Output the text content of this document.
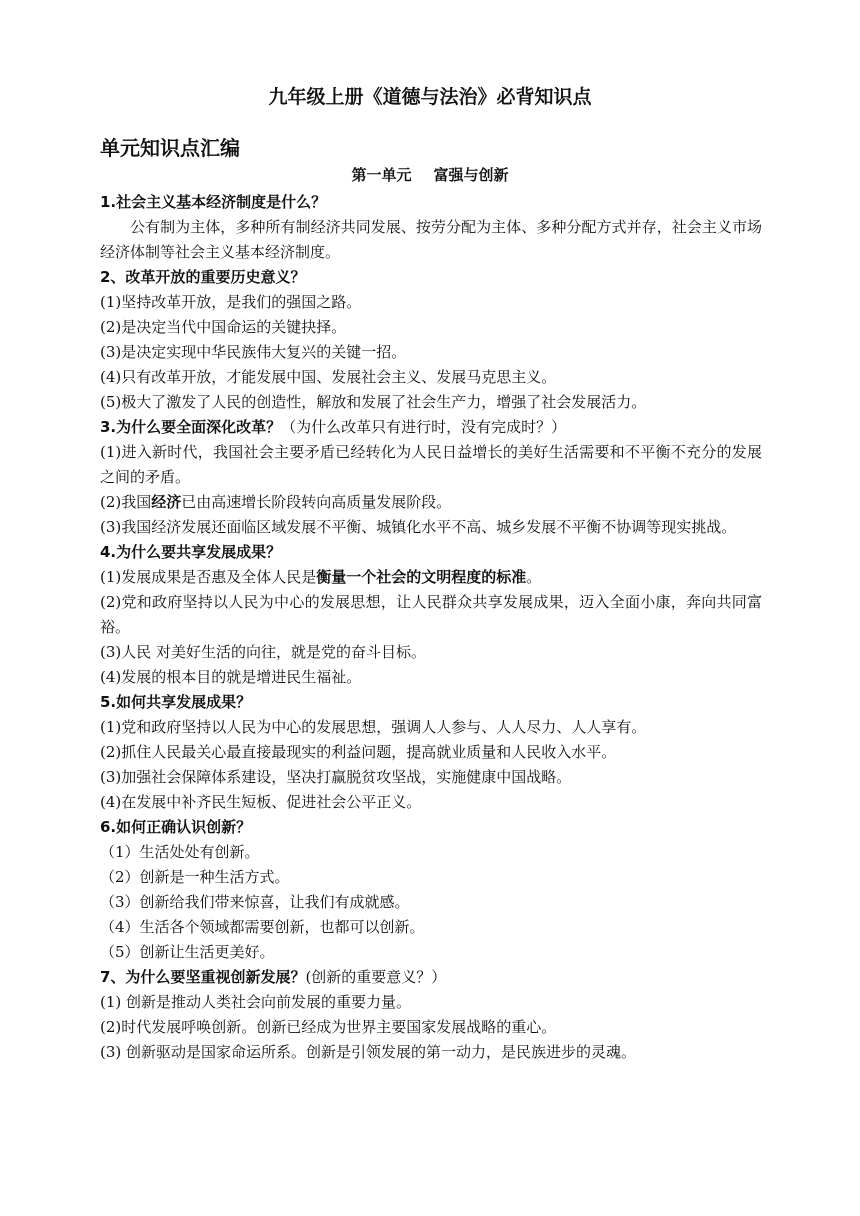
九年级上册《道德与法治》必背知识点
单元知识点汇编
第一单元 富强与创新

1.社会主义基本经济制度是什么？

公有制为主体，多种所有制经济共同发展、按劳分配为主体、多种分配方式并存，社会主义市场经济体制等社会主义基本经济制度。

2、改革开放的重要历史意义？

(1)坚持改革开放，是我们的强国之路。

(2)是决定当代中国命运的关键抉择。

(3)是决定实现中华民族伟大复兴的关键一招。

(4)只有改革开放，才能发展中国、发展社会主义、发展马克思主义。

(5)极大了激发了人民的创造性，解放和发展了社会生产力，增强了社会发展活力。

3.为什么要全面深化改革？（为什么改革只有进行时，没有完成时？）

(1)进入新时代，我国社会主要矛盾已经转化为人民日益增长的美好生活需要和不平衡不充分的发展之间的矛盾。

(2)我国经济已由高速增长阶段转向高质量发展阶段。

(3)我国经济发展还面临区域发展不平衡、城镇化水平不高、城乡发展不平衡不协调等现实挑战。

4.为什么要共享发展成果？

(1)发展成果是否惠及全体人民是衡量一个社会的文明程度的标准。

(2)党和政府坚持以人民为中心的发展思想，让人民群众共享发展成果，迈入全面小康，奔向共同富裕。

(3)人民 对美好生活的向往，就是党的奋斗目标。

(4)发展的根本目的就是增进民生福祉。

5.如何共享发展成果？

(1)党和政府坚持以人民为中心的发展思想，强调人人参与、人人尽力、人人享有。

(2)抓住人民最关心最直接最现实的利益问题，提高就业质量和人民收入水平。

(3)加强社会保障体系建设，坚决打赢脱贫攻坚战，实施健康中国战略。

(4)在发展中补齐民生短板、促进社会公平正义。

6.如何正确认识创新？

（1）生活处处有创新。

（2）创新是一种生活方式。

（3）创新给我们带来惊喜，让我们有成就感。

（4）生活各个领域都需要创新，也都可以创新。

（5）创新让生活更美好。

7、为什么要坚重视创新发展？(创新的重要意义？）

(1) 创新是推动人类社会向前发展的重要力量。

(2)时代发展呼唤创新。创新已经成为世界主要国家发展战略的重心。

(3) 创新驱动是国家命运所系。创新是引领发展的第一动力，是民族进步的灵魂。
